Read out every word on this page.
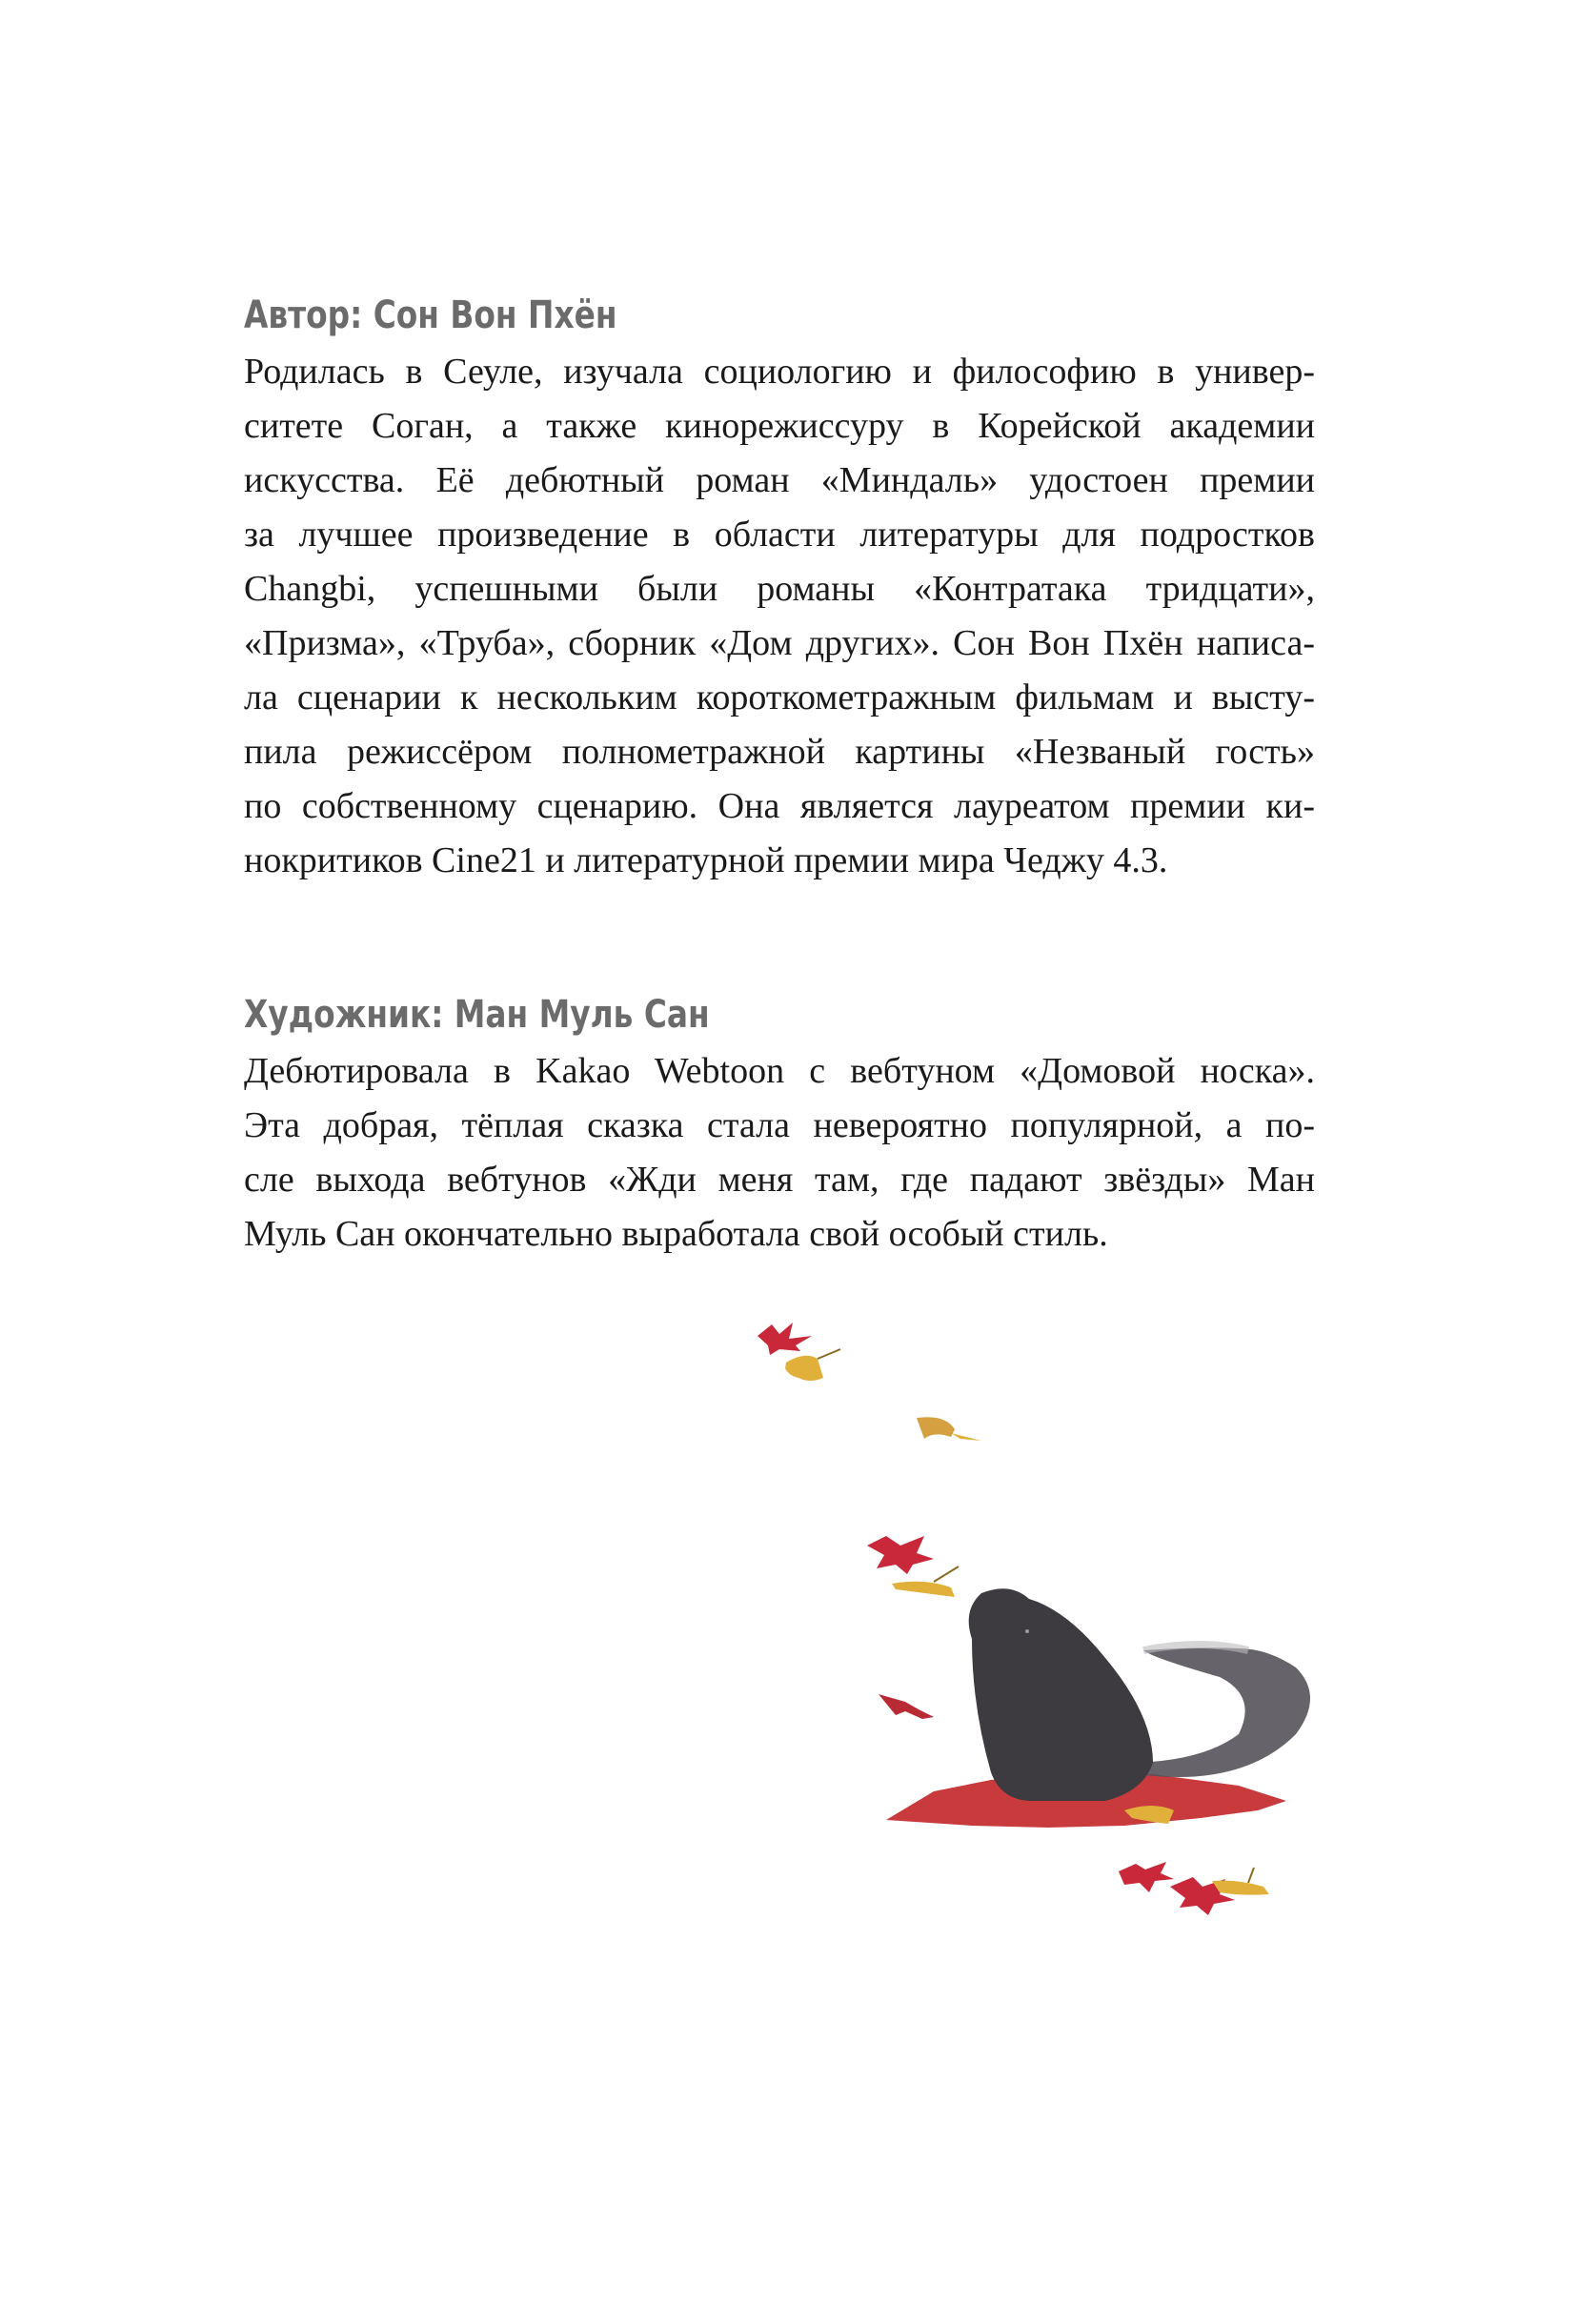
Автор: Сон Вон Пхён
Родилась в Сеуле, изучала социологию и философию в универ-
ситете Соган, а также кинорежиссуру в Корейской академии
искусства. Её дебютный роман «Миндаль» удостоен премии
за лучшее произведение в области литературы для подростков
Changbi, успешными были романы «Контратака тридцати»,
«Призма», «Труба», сборник «Дом других». Сон Вон Пхён написа-
ла сценарии к нескольким короткометражным фильмам и высту-
пила режиссёром полнометражной картины «Незваный гость»
по собственному сценарию. Она является лауреатом премии ки-
нокритиков Cine21 и литературной премии мира Чеджу 4.3.
Художник: Ман Муль Сан
Дебютировала в Kakao Webtoon с вебтуном «Домовой носка».
Эта добрая, тёплая сказка стала невероятно популярной, а по-
сле выхода вебтунов «Жди меня там, где падают звёзды» Ман
Муль Сан окончательно выработала свой особый стиль.
